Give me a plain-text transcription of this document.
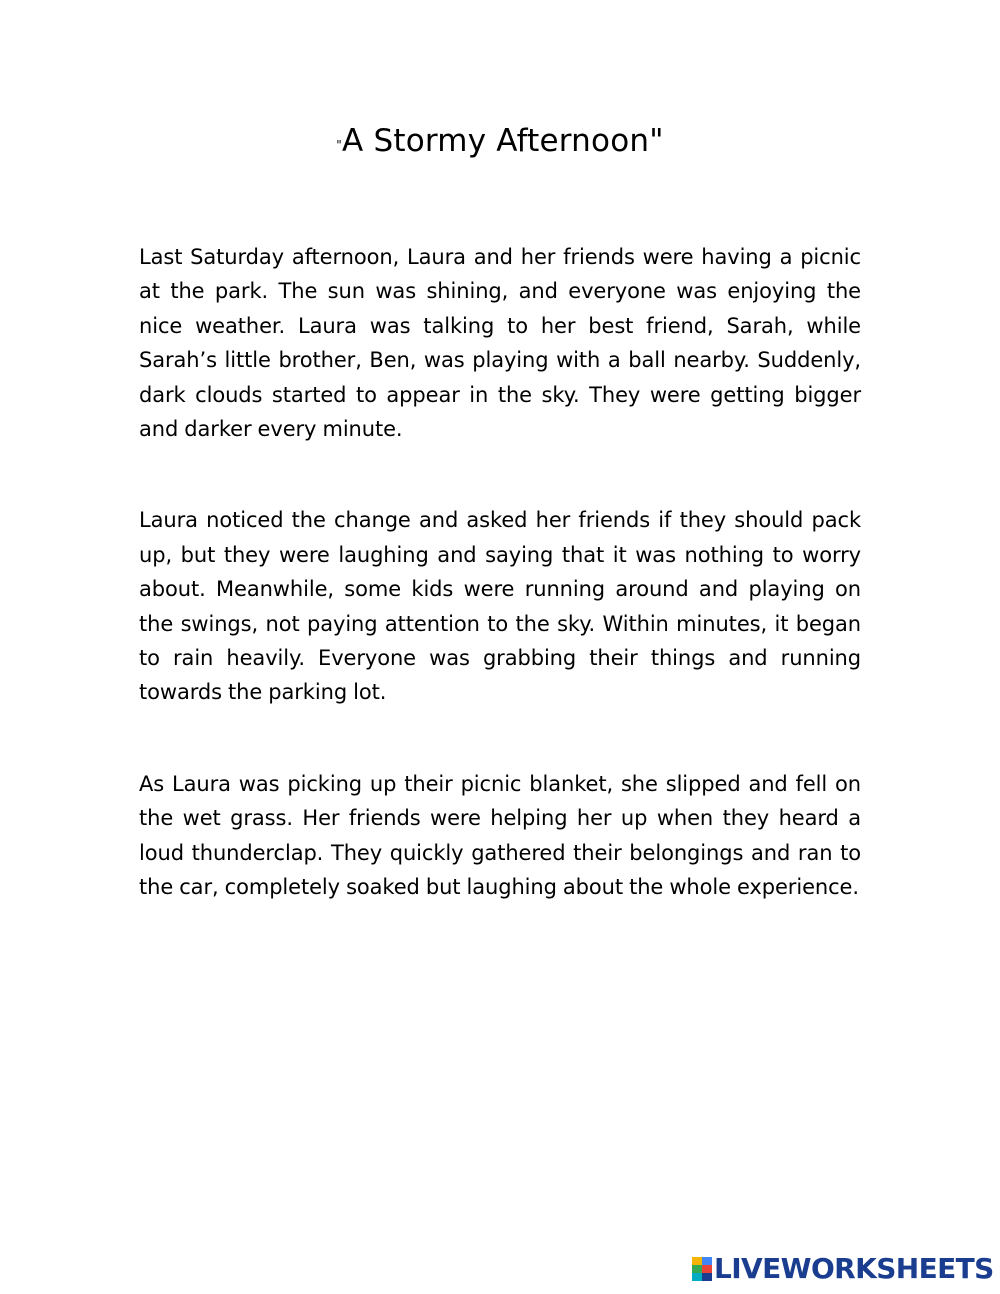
"A Stormy Afternoon"

Last Saturday afternoon, Laura and her friends were having a picnic at the park. The sun was shining, and everyone was enjoying the nice weather. Laura was talking to her best friend, Sarah, while Sarah’s little brother, Ben, was playing with a ball nearby. Suddenly, dark clouds started to appear in the sky. They were getting bigger and darker every minute.

Laura noticed the change and asked her friends if they should pack up, but they were laughing and saying that it was nothing to worry about. Meanwhile, some kids were running around and playing on the swings, not paying attention to the sky. Within minutes, it began to rain heavily. Everyone was grabbing their things and running towards the parking lot.

As Laura was picking up their picnic blanket, she slipped and fell on the wet grass. Her friends were helping her up when they heard a loud thunderclap. They quickly gathered their belongings and ran to the car, completely soaked but laughing about the whole experience.

LIVEWORKSHEETS
